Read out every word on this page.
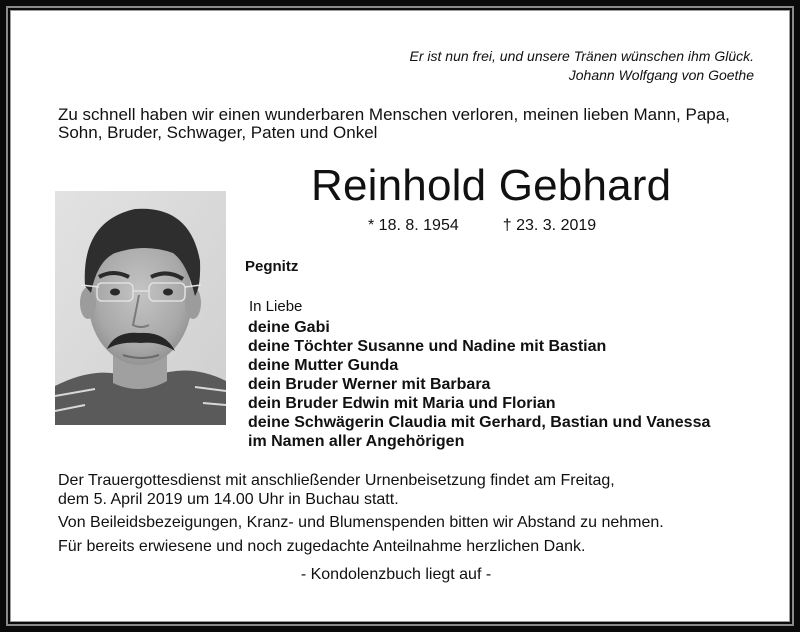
Er ist nun frei, und unsere Tränen wünschen ihm Glück.
Johann Wolfgang von Goethe
Zu schnell haben wir einen wunderbaren Menschen verloren, meinen lieben Mann, Papa,
Sohn, Bruder, Schwager, Paten und Onkel
Reinhold Gebhard
* 18. 8. 1954	† 23. 3. 2019
Pegnitz
In Liebe
deine Gabi
deine Töchter Susanne und Nadine mit Bastian
deine Mutter Gunda
dein Bruder Werner mit Barbara
dein Bruder Edwin mit Maria und Florian
deine Schwägerin Claudia mit Gerhard, Bastian und Vanessa
im Namen aller Angehörigen
Der Trauergottesdienst mit anschließender Urnenbeisetzung findet am Freitag,
dem 5. April 2019 um 14.00 Uhr in Buchau statt.
Von Beileidsbezeigungen, Kranz- und Blumenspenden bitten wir Abstand zu nehmen.
Für bereits erwiesene und noch zugedachte Anteilnahme herzlichen Dank.
- Kondolenzbuch liegt auf -
